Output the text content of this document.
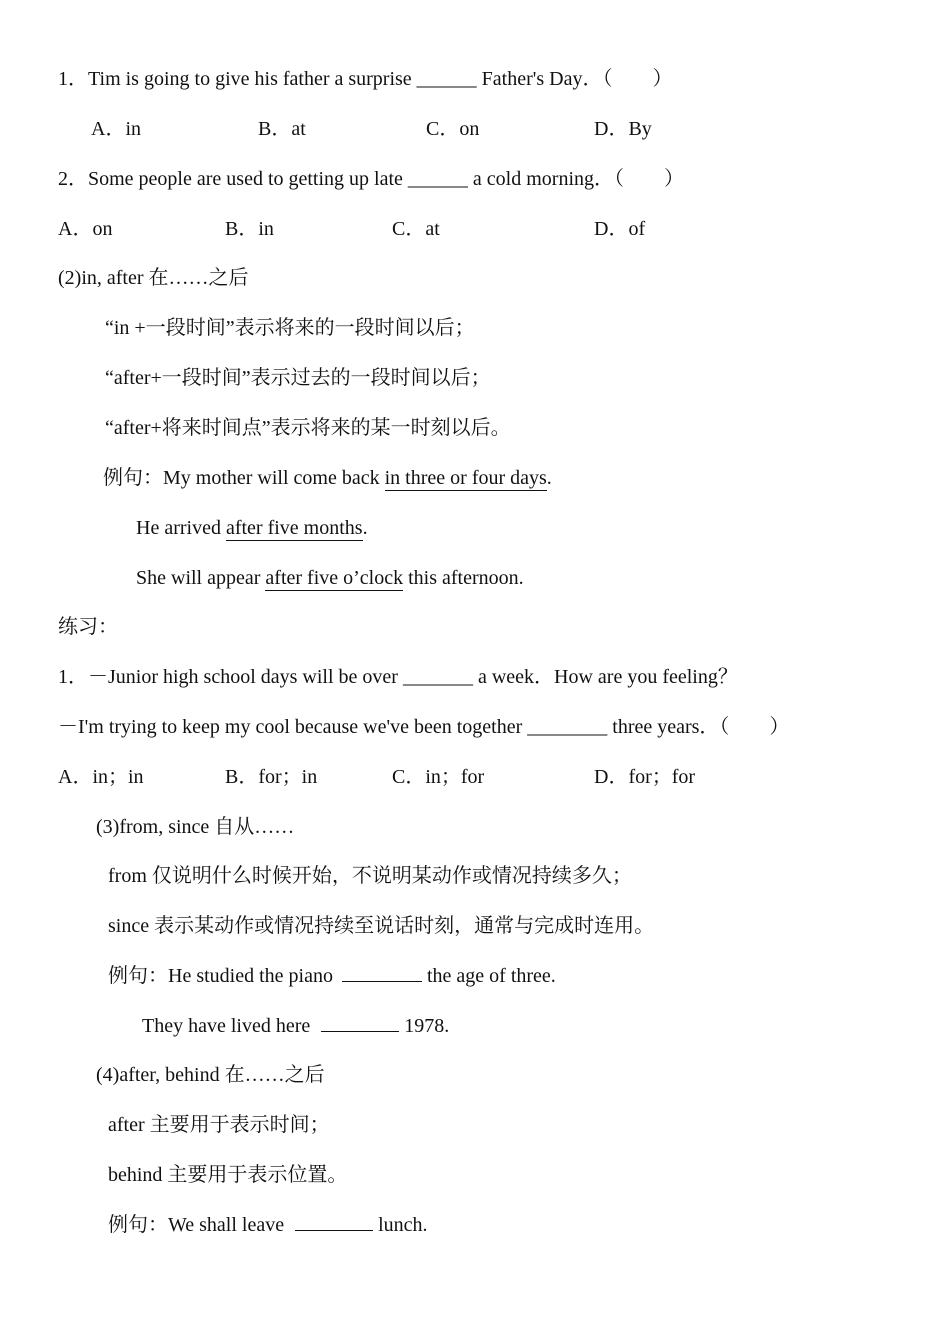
1．Tim is going to give his father a surprise ______ Father's Day．（　　）
A．in	B．at	C．on	D．By
2．Some people are used to getting up late ______ a cold morning．（　　）
A．on	B．in	C．at	D．of
(2)in, after 在……之后
“in +一段时间”表示将来的一段时间以后；
“after+一段时间”表示过去的一段时间以后；
“after+将来时间点”表示将来的某一时刻以后。
例句：My mother will come back in three or four days.
He arrived after five months.
She will appear after five o’clock this afternoon.
练习：
1．－Junior high school days will be over _______ a week．How are you feeling？
－I'm trying to keep my cool because we've been together ________ three years．（　　）
A．in；in	B．for；in	C．in；for	D．for；for
(3)from, since 自从……
from 仅说明什么时候开始，不说明某动作或情况持续多久；
since 表示某动作或情况持续至说话时刻，通常与完成时连用。
例句：He studied the piano	the age of three.
They have lived here	1978.
(4)after, behind 在……之后
after 主要用于表示时间；
behind 主要用于表示位置。
例句：We shall leave	lunch.
